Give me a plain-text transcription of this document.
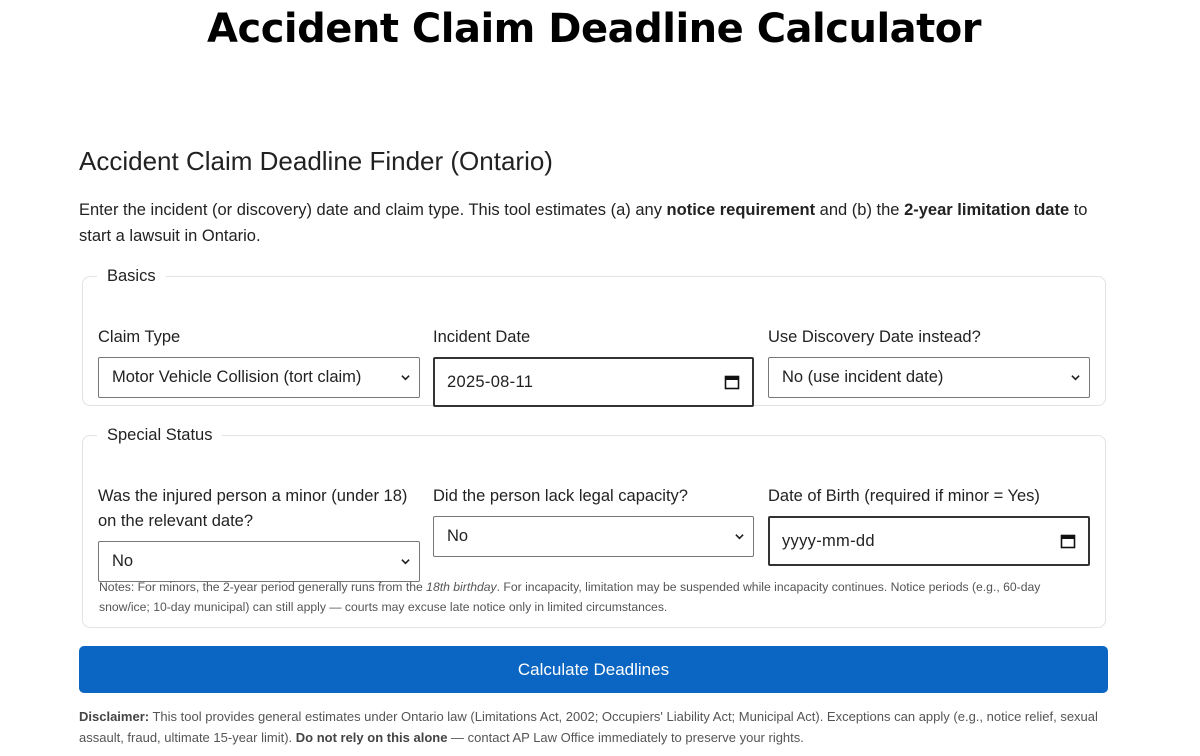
Accident Claim Deadline Calculator
Accident Claim Deadline Finder (Ontario)

Enter the incident (or discovery) date and claim type. This tool estimates (a) any notice requirement and (b) the 2-year limitation date to start a lawsuit in Ontario.

Basics
Claim Type
Motor Vehicle Collision (tort claim)
Incident Date
2025-08-11
Use Discovery Date instead?
No (use incident date)
Special Status
Was the injured person a minor (under 18) on the relevant date?
No
Did the person lack legal capacity?
No
Date of Birth (required if minor = Yes)
yyyy-mm-dd
Notes: For minors, the 2-year period generally runs from the 18th birthday. For incapacity, limitation may be suspended while incapacity continues. Notice periods (e.g., 60-day snow/ice; 10-day municipal) can still apply — courts may excuse late notice only in limited circumstances.
Calculate Deadlines
Disclaimer: This tool provides general estimates under Ontario law (Limitations Act, 2002; Occupiers' Liability Act; Municipal Act). Exceptions can apply (e.g., notice relief, sexual assault, fraud, ultimate 15-year limit). Do not rely on this alone — contact AP Law Office immediately to preserve your rights.
